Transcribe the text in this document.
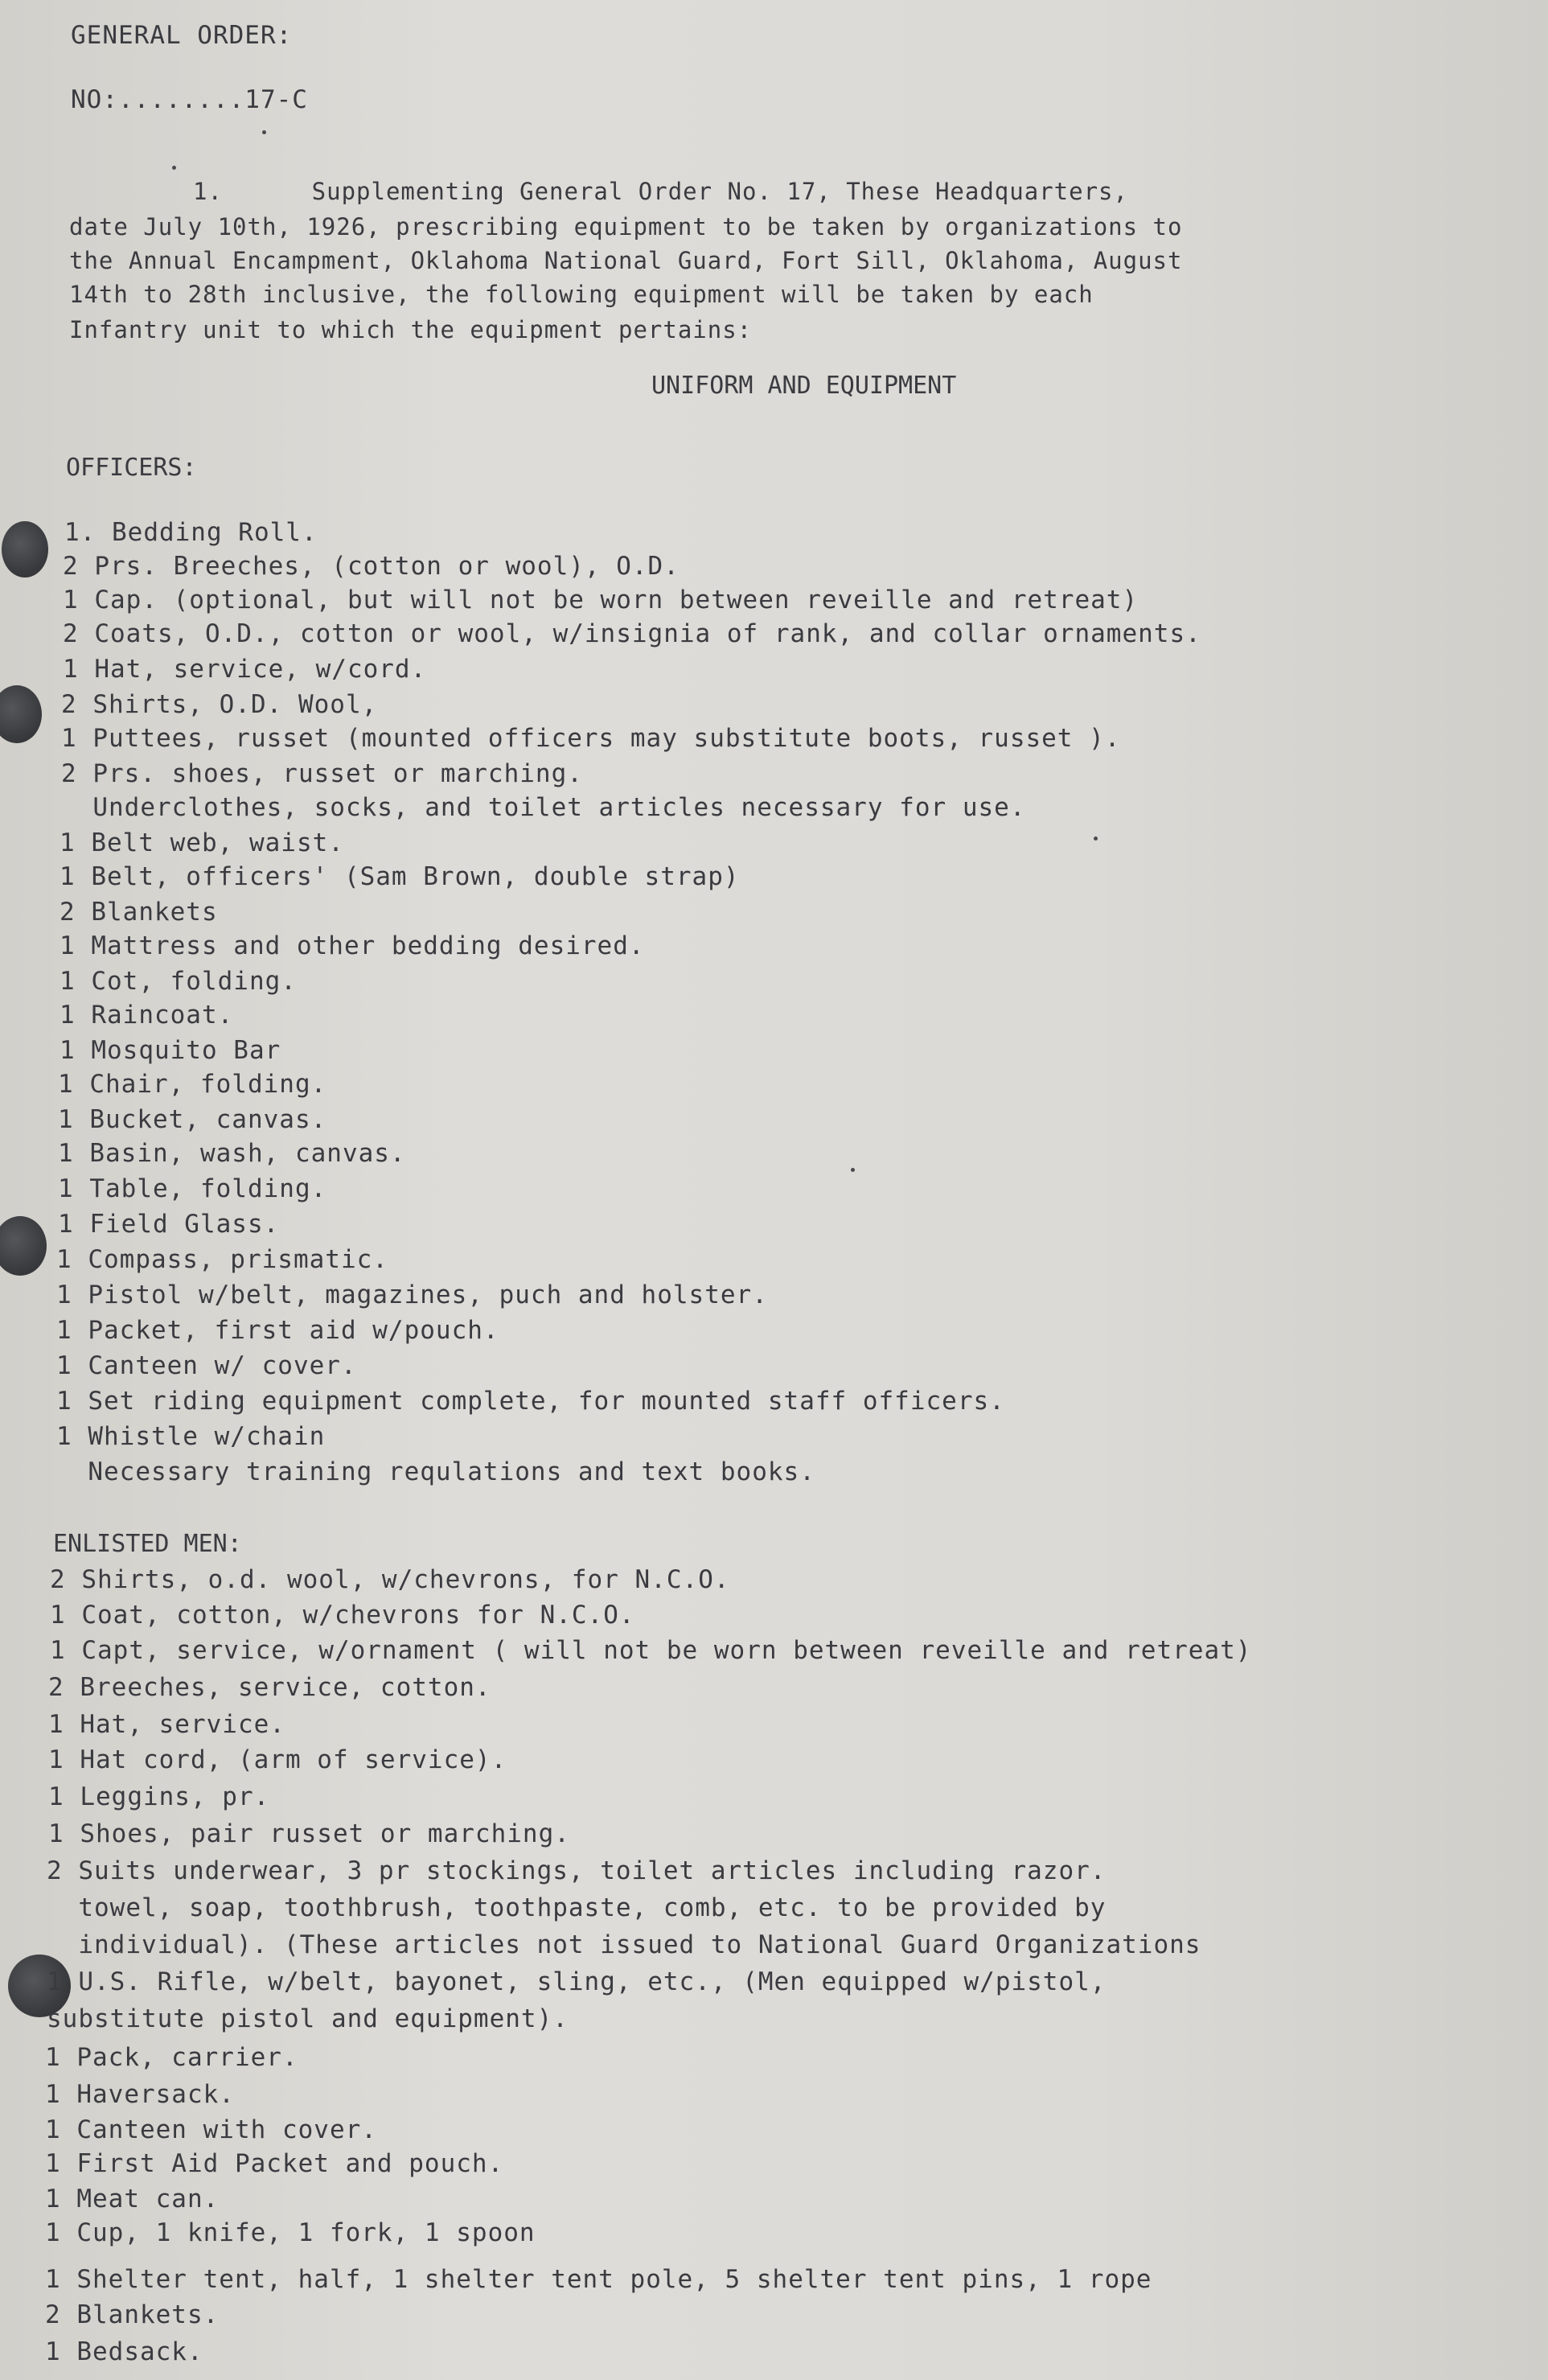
GENERAL ORDER:
NO:........17-C
1.      Supplementing General Order No. 17, These Headquarters,
date July 10th, 1926, prescribing equipment to be taken by organizations to
the Annual Encampment, Oklahoma National Guard, Fort Sill, Oklahoma, August
14th to 28th inclusive, the following equipment will be taken by each
Infantry unit to which the equipment pertains:
UNIFORM AND EQUIPMENT
OFFICERS:
1. Bedding Roll.
2 Prs. Breeches, (cotton or wool), O.D.
1 Cap. (optional, but will not be worn between reveille and retreat)
2 Coats, O.D., cotton or wool, w/insignia of rank, and collar ornaments.
1 Hat, service, w/cord.
2 Shirts, O.D. Wool,
1 Puttees, russet (mounted officers may substitute boots, russet ).
2 Prs. shoes, russet or marching.
Underclothes, socks, and toilet articles necessary for use.
1 Belt web, waist.
1 Belt, officers' (Sam Brown, double strap)
2 Blankets
1 Mattress and other bedding desired.
1 Cot, folding.
1 Raincoat.
1 Mosquito Bar
1 Chair, folding.
1 Bucket, canvas.
1 Basin, wash, canvas.
1 Table, folding.
1 Field Glass.
1 Compass, prismatic.
1 Pistol w/belt, magazines, puch and holster.
1 Packet, first aid w/pouch.
1 Canteen w/ cover.
1 Set riding equipment complete, for mounted staff officers.
1 Whistle w/chain
Necessary training requlations and text books.
ENLISTED MEN:
2 Shirts, o.d. wool, w/chevrons, for N.C.O.
1 Coat, cotton, w/chevrons for N.C.O.
1 Capt, service, w/ornament ( will not be worn between reveille and retreat)
2 Breeches, service, cotton.
1 Hat, service.
1 Hat cord, (arm of service).
1 Leggins, pr.
1 Shoes, pair russet or marching.
2 Suits underwear, 3 pr stockings, toilet articles including razor.
towel, soap, toothbrush, toothpaste, comb, etc. to be provided by
individual). (These articles not issued to National Guard Organizations
1 U.S. Rifle, w/belt, bayonet, sling, etc., (Men equipped w/pistol,
substitute pistol and equipment).
1 Pack, carrier.
1 Haversack.
1 Canteen with cover.
1 First Aid Packet and pouch.
1 Meat can.
1 Cup, 1 knife, 1 fork, 1 spoon
1 Shelter tent, half, 1 shelter tent pole, 5 shelter tent pins, 1 rope
2 Blankets.
1 Bedsack.
